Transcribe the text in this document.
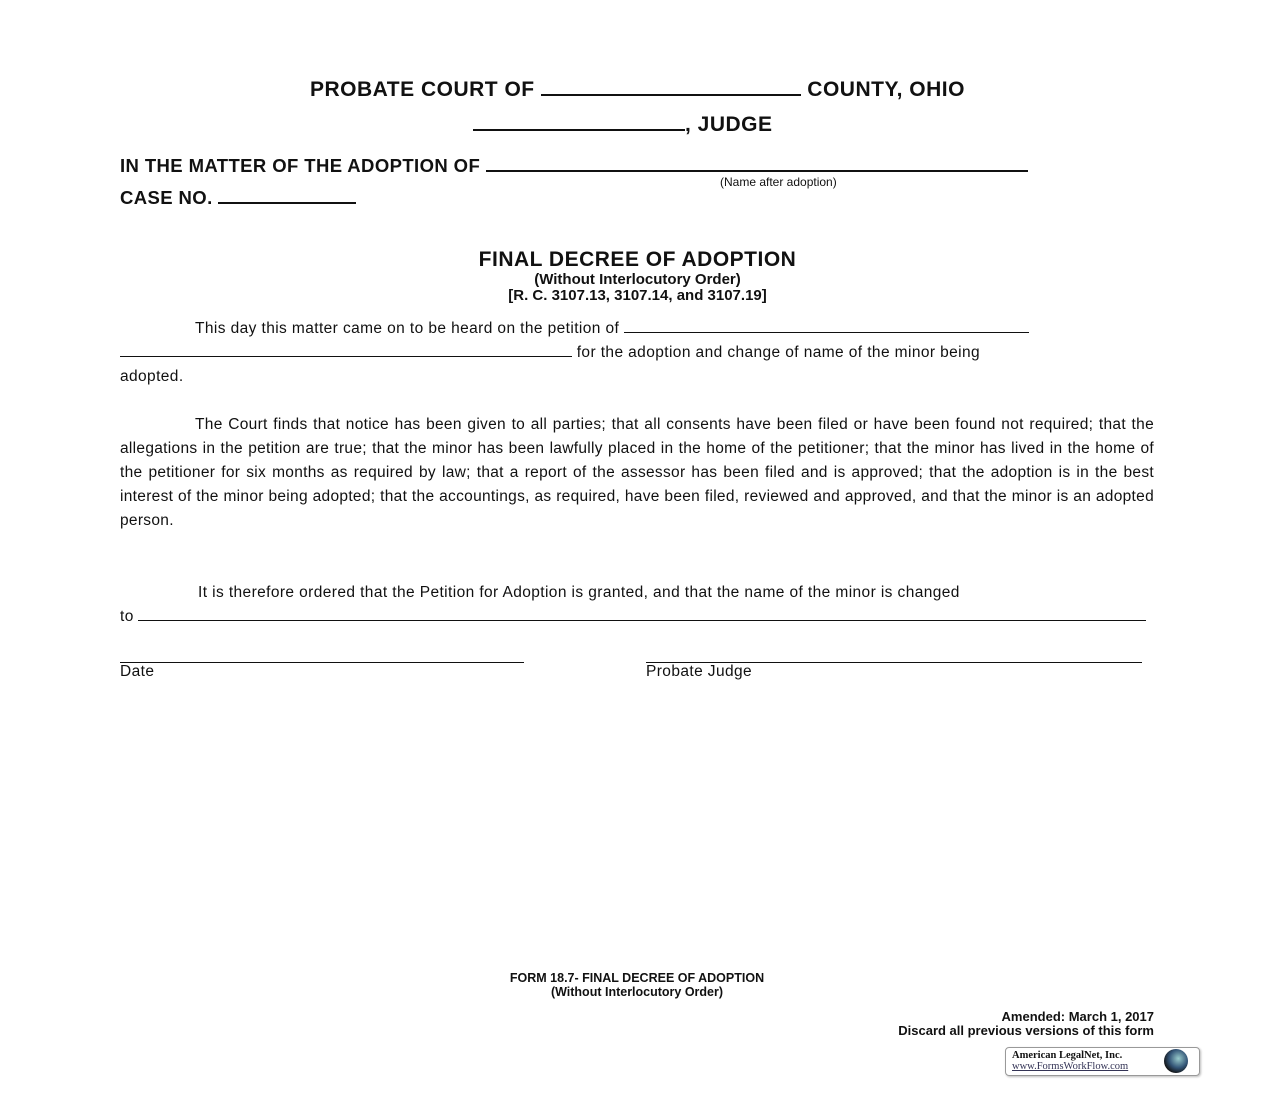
PROBATE COURT OF	COUNTY, OHIO
, JUDGE
IN THE MATTER OF THE ADOPTION OF
(Name after adoption)
CASE NO.
FINAL DECREE OF ADOPTION
(Without Interlocutory Order)
[R. C. 3107.13, 3107.14, and 3107.19]
This day this matter came on to be heard on the petition of
for the adoption and change of name of the minor being
adopted.
The Court finds that notice has been given to all parties; that all consents have been filed or have been found not required; that the allegations in the petition are true; that the minor has been lawfully placed in the home of the petitioner; that the minor has lived in the home of the petitioner for six months as required by law; that a report of the assessor has been filed and is approved; that the adoption is in the best interest of the minor being adopted; that the accountings, as required, have been filed, reviewed and approved, and that the minor is an adopted person.
It is therefore ordered that the Petition for Adoption is granted, and that the name of the minor is changed
to
Date	Probate Judge
FORM 18.7- FINAL DECREE OF ADOPTION
(Without Interlocutory Order)
Amended: March 1, 2017
Discard all previous versions of this form
American LegalNet, Inc.
www.FormsWorkFlow.com
